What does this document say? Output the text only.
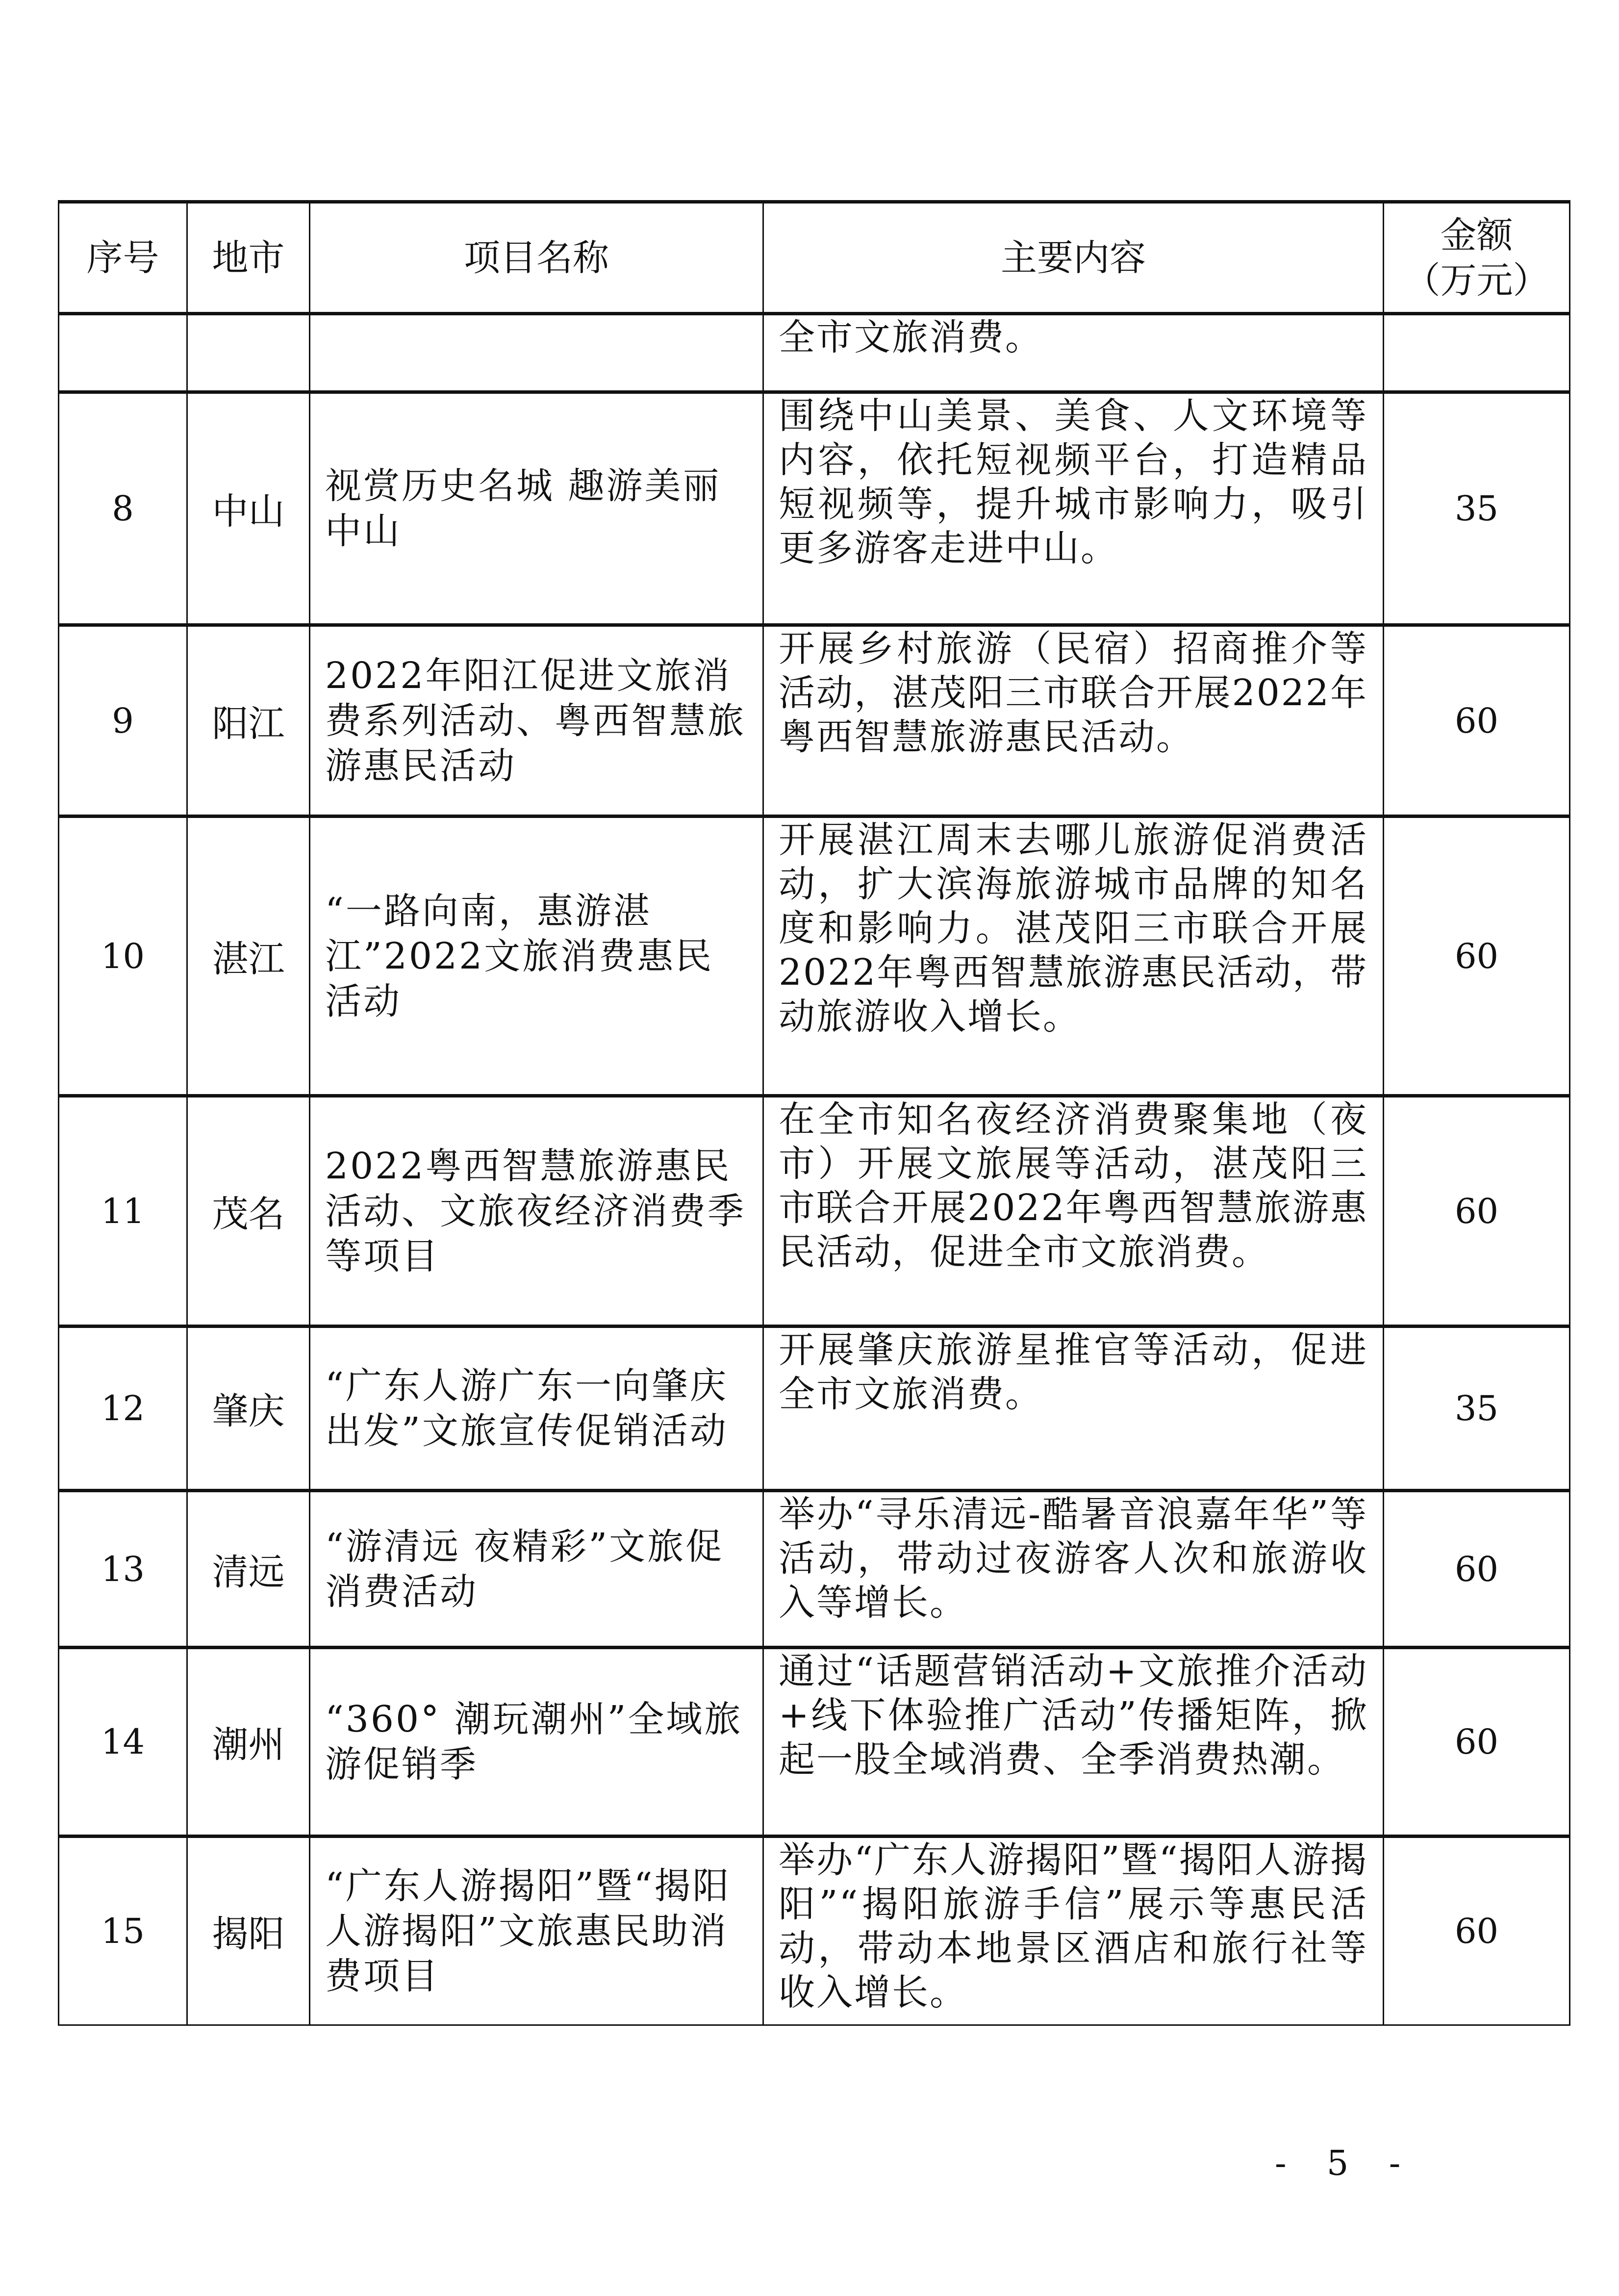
序号	地市	项目名称	主要内容	金额
（万元）

			全市文旅消费。	
8	中山	视赏历史名城 趣游美丽中山	围绕中山美景、美食、人文环境等内容，依托短视频平台，打造精品短视频等，提升城市影响力，吸引更多游客走进中山。	35
9	阳江	2022年阳江促进文旅消费系列活动、粤西智慧旅游惠民活动	开展乡村旅游（民宿）招商推介等活动，湛茂阳三市联合开展2022年粤西智慧旅游惠民活动。	60
10	湛江	“一路向南，惠游湛江”2022文旅消费惠民活动	开展湛江周末去哪儿旅游促消费活动，扩大滨海旅游城市品牌的知名度和影响力。湛茂阳三市联合开展2022年粤西智慧旅游惠民活动，带动旅游收入增长。	60
11	茂名	2022粤西智慧旅游惠民活动、文旅夜经济消费季等项目	在全市知名夜经济消费聚集地（夜市）开展文旅展等活动，湛茂阳三市联合开展2022年粤西智慧旅游惠民活动，促进全市文旅消费。	60
12	肇庆	“广东人游广东一向肇庆出发”文旅宣传促销活动	开展肇庆旅游星推官等活动，促进全市文旅消费。	35
13	清远	“游清远 夜精彩”文旅促消费活动	举办“寻乐清远-酷暑音浪嘉年华”等活动，带动过夜游客人次和旅游收入等增长。	60
14	潮州	“360° 潮玩潮州”全域旅游促销季	通过“话题营销活动+文旅推介活动+线下体验推广活动”传播矩阵，掀起一股全域消费、全季消费热潮。	60
15	揭阳	“广东人游揭阳”暨“揭阳人游揭阳”文旅惠民助消费项目	举办“广东人游揭阳”暨“揭阳人游揭阳”“揭阳旅游手信”展示等惠民活动，带动本地景区酒店和旅行社等收入增长。	60
- 5 -
